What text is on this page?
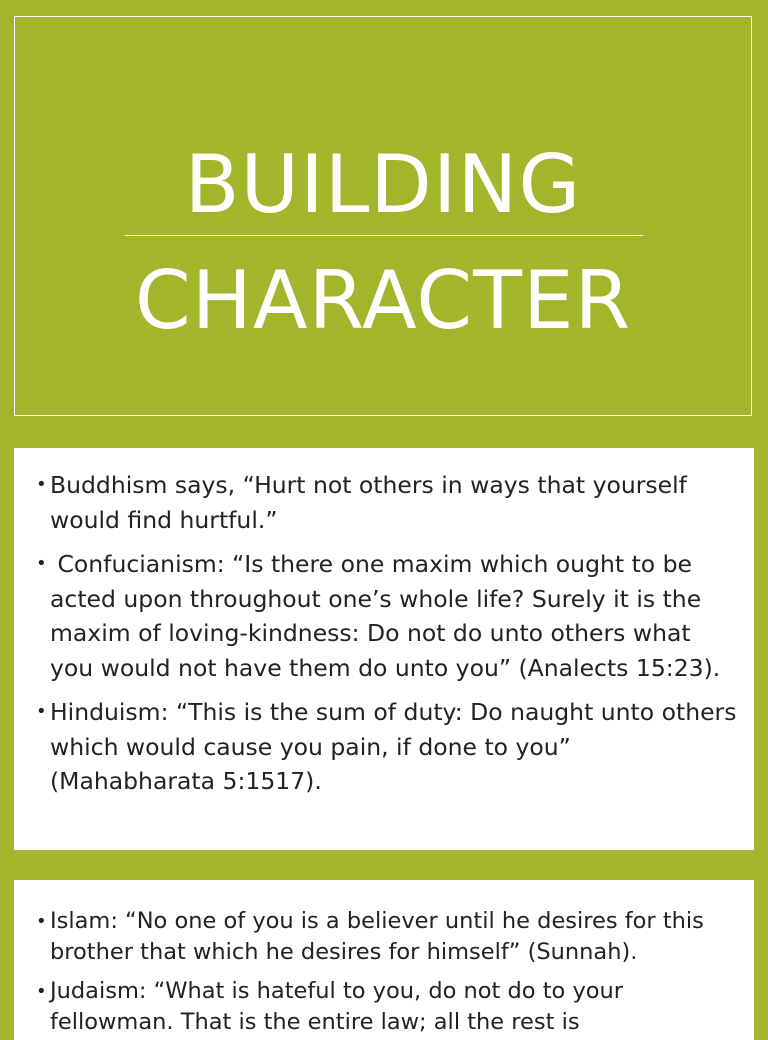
BUILDING
CHARACTER
• Buddhism says, “Hurt not others in ways that yourself would find hurtful.”
• Confucianism: “Is there one maxim which ought to be acted upon throughout one’s whole life? Surely it is the maxim of loving-kindness: Do not do unto others what you would not have them do unto you” (Analects 15:23).
• Hinduism: “This is the sum of duty: Do naught unto others which would cause you pain, if done to you” (Mahabharata 5:1517).
• Islam: “No one of you is a believer until he desires for this brother that which he desires for himself” (Sunnah).
• Judaism: “What is hateful to you, do not do to your fellowman. That is the entire law; all the rest is
